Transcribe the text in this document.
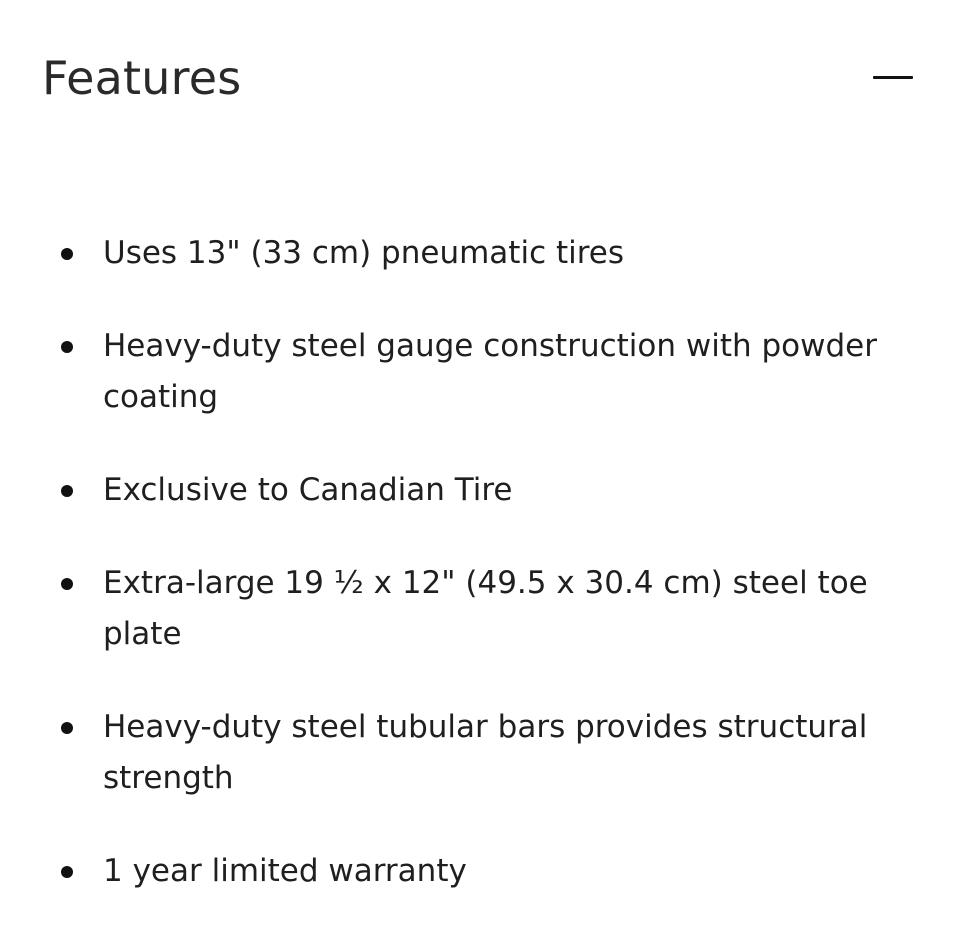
Features
Uses 13" (33 cm) pneumatic tires
Heavy-duty steel gauge construction with powder coating
Exclusive to Canadian Tire
Extra-large 19 ½ x 12" (49.5 x 30.4 cm) steel toe plate
Heavy-duty steel tubular bars provides structural strength
1 year limited warranty
